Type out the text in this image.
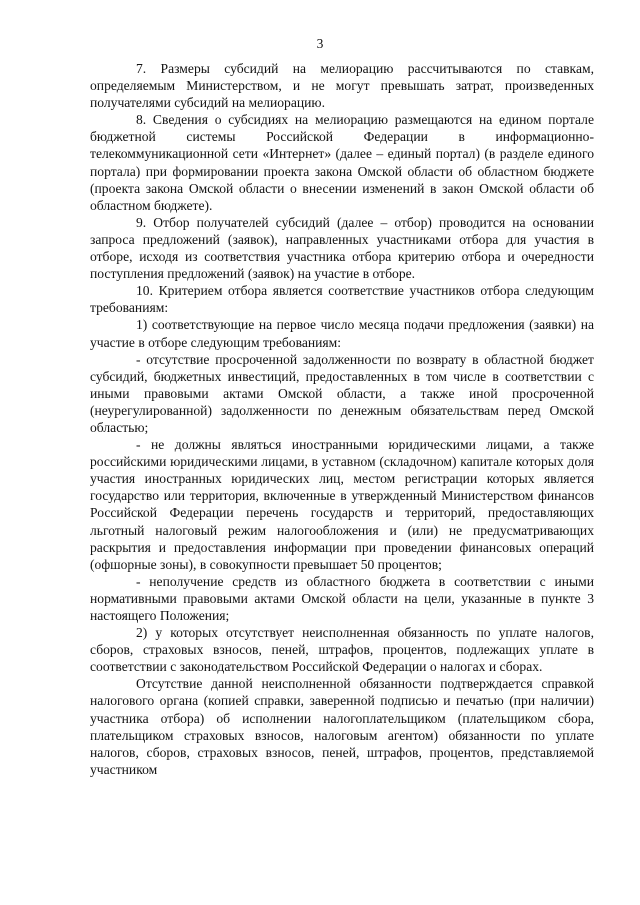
3

7. Размеры субсидий на мелиорацию рассчитываются по ставкам, определяемым Министерством, и не могут превышать затрат, произведенных получателями субсидий на мелиорацию.

8. Сведения о субсидиях на мелиорацию размещаются на едином портале бюджетной системы Российской Федерации в информационно-телекоммуникационной сети «Интернет» (далее – единый портал) (в разделе единого портала) при формировании проекта закона Омской области об областном бюджете (проекта закона Омской области о внесении изменений в закон Омской области об областном бюджете).

9. Отбор получателей субсидий (далее – отбор) проводится на основании запроса предложений (заявок), направленных участниками отбора для участия в отборе, исходя из соответствия участника отбора критерию отбора и очередности поступления предложений (заявок) на участие в отборе.

10. Критерием отбора является соответствие участников отбора следующим требованиям:

1) соответствующие на первое число месяца подачи предложения (заявки) на участие в отборе следующим требованиям:

- отсутствие просроченной задолженности по возврату в областной бюджет субсидий, бюджетных инвестиций, предоставленных в том числе в соответствии с иными правовыми актами Омской области, а также иной просроченной (неурегулированной) задолженности по денежным обязательствам перед Омской областью;

- не должны являться иностранными юридическими лицами, а также российскими юридическими лицами, в уставном (складочном) капитале которых доля участия иностранных юридических лиц, местом регистрации которых является государство или территория, включенные в утвержденный Министерством финансов Российской Федерации перечень государств и территорий, предоставляющих льготный налоговый режим налогообложения и (или) не предусматривающих раскрытия и предоставления информации при проведении финансовых операций (офшорные зоны), в совокупности превышает 50 процентов;

- неполучение средств из областного бюджета в соответствии с иными нормативными правовыми актами Омской области на цели, указанные в пункте 3 настоящего Положения;

2) у которых отсутствует неисполненная обязанность по уплате налогов, сборов, страховых взносов, пеней, штрафов, процентов, подлежащих уплате в соответствии с законодательством Российской Федерации о налогах и сборах.

Отсутствие данной неисполненной обязанности подтверждается справкой налогового органа (копией справки, заверенной подписью и печатью (при наличии) участника отбора) об исполнении налогоплательщиком (плательщиком сбора, плательщиком страховых взносов, налоговым агентом) обязанности по уплате налогов, сборов, страховых взносов, пеней, штрафов, процентов, представляемой участником
